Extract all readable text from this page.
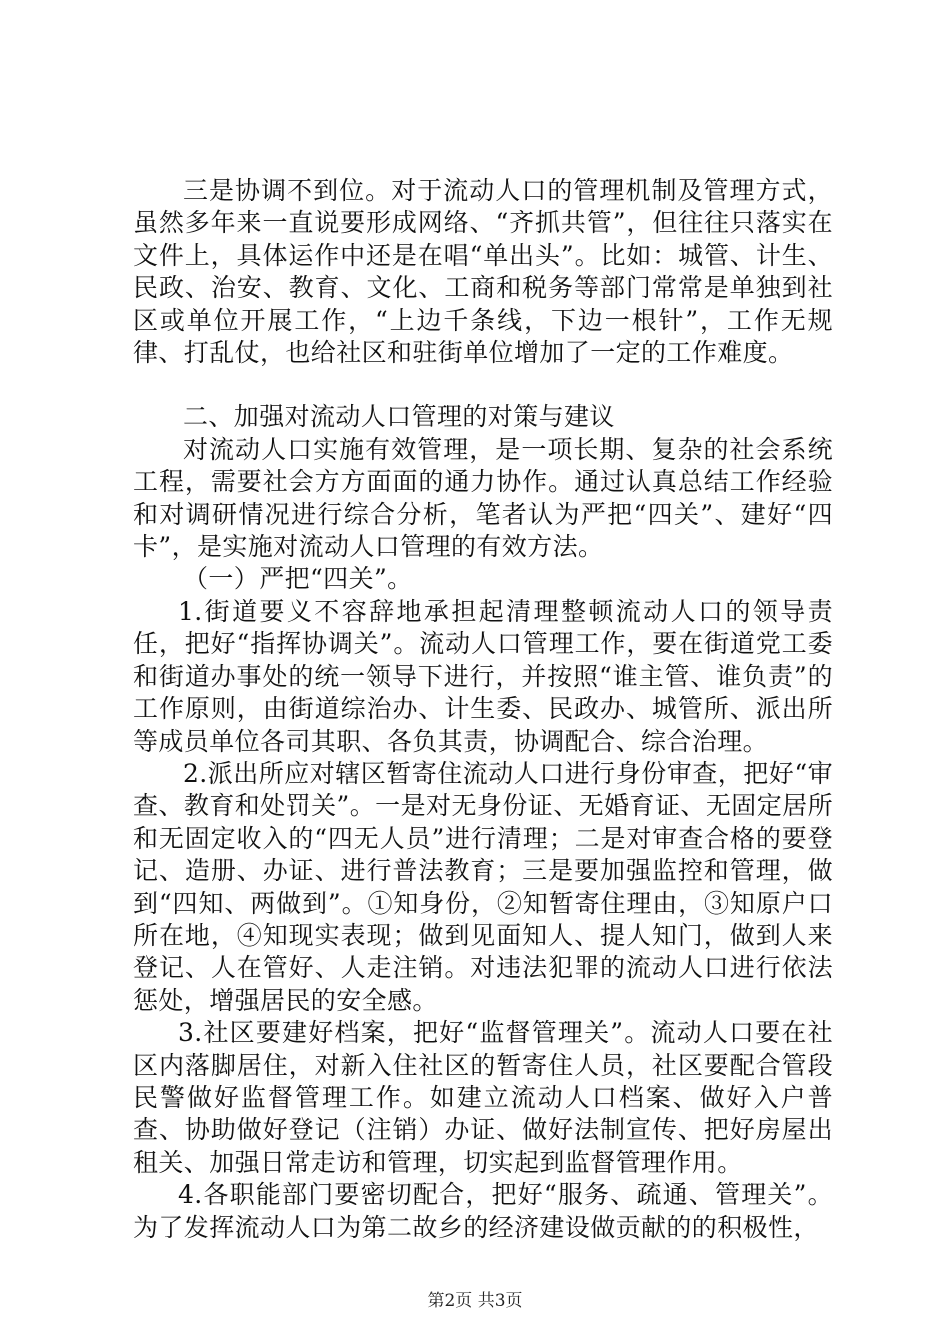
三是协调不到位。对于流动人口的管理机制及管理方式，虽然多年来一直说要形成网络、“齐抓共管”，但往往只落实在文件上，具体运作中还是在唱“单出头”。比如：城管、计生、民政、治安、教育、文化、工商和税务等部门常常是单独到社区或单位开展工作，“上边千条线，下边一根针”，工作无规律、打乱仗，也给社区和驻街单位增加了一定的工作难度。

二、加强对流动人口管理的对策与建议

对流动人口实施有效管理，是一项长期、复杂的社会系统工程，需要社会方方面面的通力协作。通过认真总结工作经验和对调研情况进行综合分析，笔者认为严把“四关”、建好“四卡”，是实施对流动人口管理的有效方法。

（一）严把“四关”。

1.街道要义不容辞地承担起清理整顿流动人口的领导责任，把好“指挥协调关”。流动人口管理工作，要在街道党工委和街道办事处的统一领导下进行，并按照“谁主管、谁负责”的工作原则，由街道综治办、计生委、民政办、城管所、派出所等成员单位各司其职、各负其责，协调配合、综合治理。

2.派出所应对辖区暂寄住流动人口进行身份审查，把好“审查、教育和处罚关”。一是对无身份证、无婚育证、无固定居所和无固定收入的“四无人员”进行清理；二是对审查合格的要登记、造册、办证、进行普法教育；三是要加强监控和管理，做到“四知、两做到”。①知身份，②知暂寄住理由，③知原户口所在地，④知现实表现；做到见面知人、提人知门，做到人来登记、人在管好、人走注销。对违法犯罪的流动人口进行依法惩处，增强居民的安全感。

3.社区要建好档案，把好“监督管理关”。流动人口要在社区内落脚居住，对新入住社区的暂寄住人员，社区要配合管段民警做好监督管理工作。如建立流动人口档案、做好入户普查、协助做好登记（注销）办证、做好法制宣传、把好房屋出租关、加强日常走访和管理，切实起到监督管理作用。

4.各职能部门要密切配合，把好“服务、疏通、管理关”。为了发挥流动人口为第二故乡的经济建设做贡献的的积极性，

第2页 共3页
